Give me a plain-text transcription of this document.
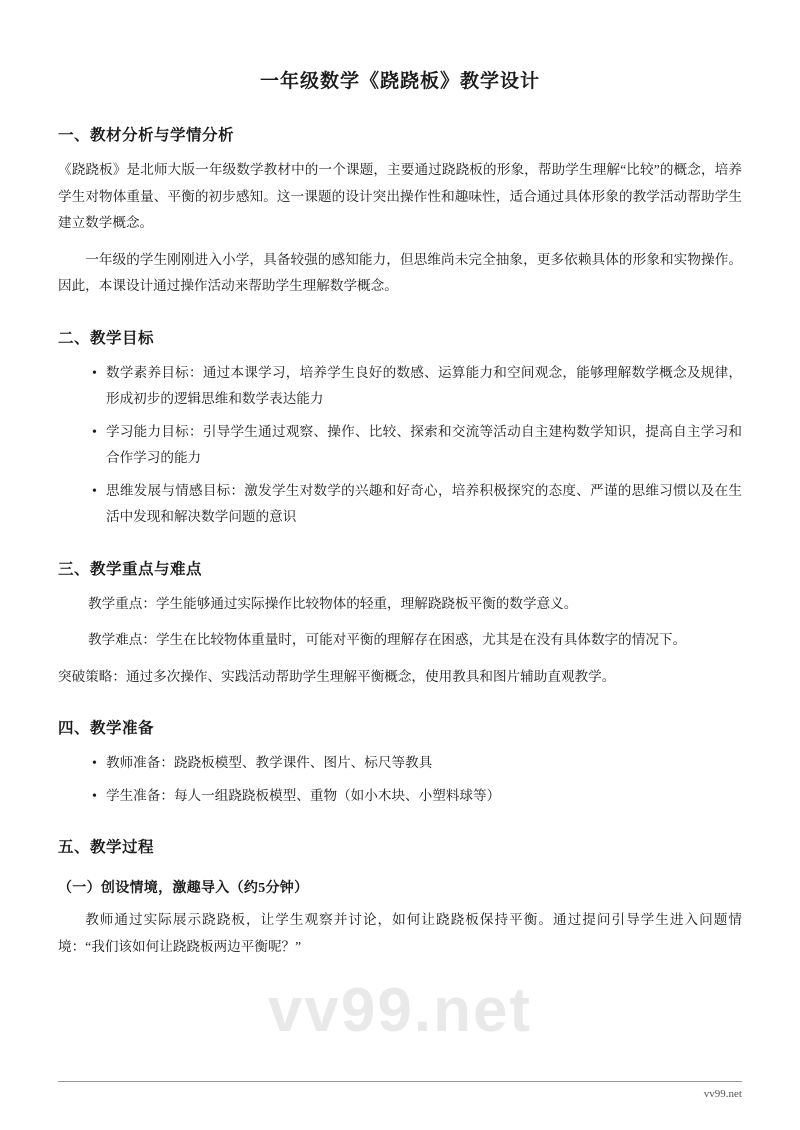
一年级数学《跷跷板》教学设计
一、教材分析与学情分析

《跷跷板》是北师大版一年级数学教材中的一个课题，主要通过跷跷板的形象，帮助学生理解“比较”的概念，培养学生对物体重量、平衡的初步感知。这一课题的设计突出操作性和趣味性，适合通过具体形象的教学活动帮助学生建立数学概念。

一年级的学生刚刚进入小学，具备较强的感知能力，但思维尚未完全抽象，更多依赖具体的形象和实物操作。因此，本课设计通过操作活动来帮助学生理解数学概念。

二、教学目标
• 数学素养目标：通过本课学习，培养学生良好的数感、运算能力和空间观念，能够理解数学概念及规律，形成初步的逻辑思维和数学表达能力
• 学习能力目标：引导学生通过观察、操作、比较、探索和交流等活动自主建构数学知识，提高自主学习和合作学习的能力
• 思维发展与情感目标：激发学生对数学的兴趣和好奇心，培养积极探究的态度、严谨的思维习惯以及在生活中发现和解决数学问题的意识
三、教学重点与难点

教学重点：学生能够通过实际操作比较物体的轻重，理解跷跷板平衡的数学意义。

教学难点：学生在比较物体重量时，可能对平衡的理解存在困惑，尤其是在没有具体数字的情况下。

突破策略：通过多次操作、实践活动帮助学生理解平衡概念，使用教具和图片辅助直观教学。

四、教学准备
• 教师准备：跷跷板模型、教学课件、图片、标尺等教具
• 学生准备：每人一组跷跷板模型、重物（如小木块、小塑料球等）
五、教学过程
（一）创设情境，激趣导入（约5分钟）

教师通过实际展示跷跷板，让学生观察并讨论，如何让跷跷板保持平衡。通过提问引导学生进入问题情境：“我们该如何让跷跷板两边平衡呢？”

vv99.net
vv99.net
